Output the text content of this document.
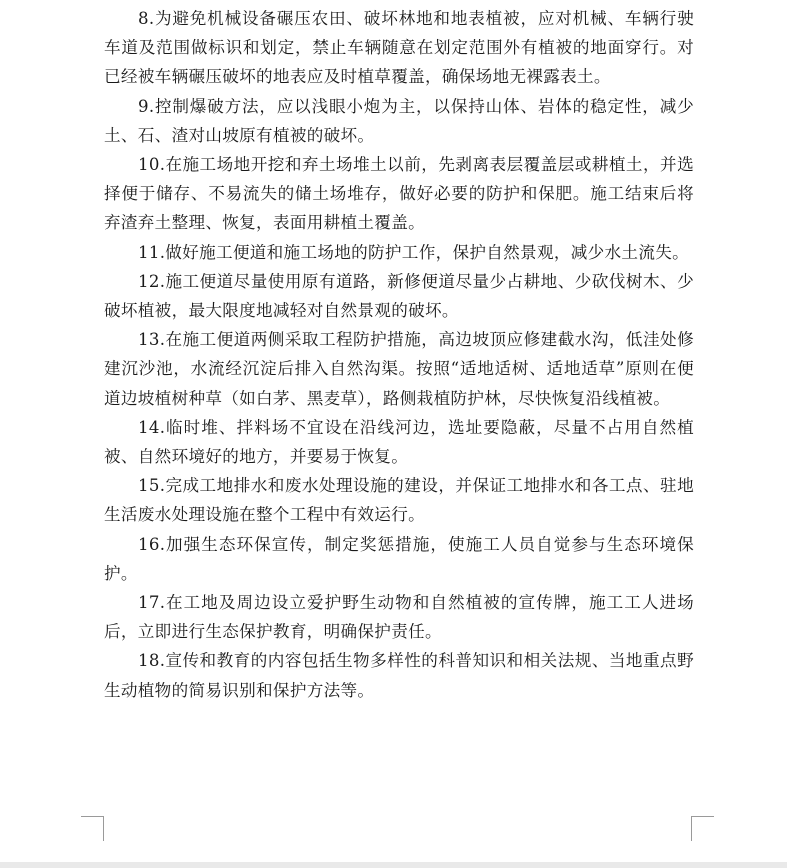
8.为避免机械设备碾压农田、破坏林地和地表植被，应对机械、车辆行驶车道及范围做标识和划定，禁止车辆随意在划定范围外有植被的地面穿行。对已经被车辆碾压破坏的地表应及时植草覆盖，确保场地无裸露表土。

9.控制爆破方法，应以浅眼小炮为主，以保持山体、岩体的稳定性，减少土、石、渣对山坡原有植被的破坏。

10.在施工场地开挖和弃土场堆土以前，先剥离表层覆盖层或耕植土，并选择便于储存、不易流失的储土场堆存，做好必要的防护和保肥。施工结束后将弃渣弃土整理、恢复，表面用耕植土覆盖。

11.做好施工便道和施工场地的防护工作，保护自然景观，减少水土流失。

12.施工便道尽量使用原有道路，新修便道尽量少占耕地、少砍伐树木、少破坏植被，最大限度地减轻对自然景观的破坏。

13.在施工便道两侧采取工程防护措施，高边坡顶应修建截水沟，低洼处修建沉沙池，水流经沉淀后排入自然沟渠。按照“适地适树、适地适草”原则在便道边坡植树种草（如白茅、黑麦草），路侧栽植防护林，尽快恢复沿线植被。

14.临时堆、拌料场不宜设在沿线河边，选址要隐蔽，尽量不占用自然植被、自然环境好的地方，并要易于恢复。

15.完成工地排水和废水处理设施的建设，并保证工地排水和各工点、驻地生活废水处理设施在整个工程中有效运行。

16.加强生态环保宣传，制定奖惩措施，使施工人员自觉参与生态环境保护。

17.在工地及周边设立爱护野生动物和自然植被的宣传牌，施工工人进场后，立即进行生态保护教育，明确保护责任。

18.宣传和教育的内容包括生物多样性的科普知识和相关法规、当地重点野生动植物的简易识别和保护方法等。
